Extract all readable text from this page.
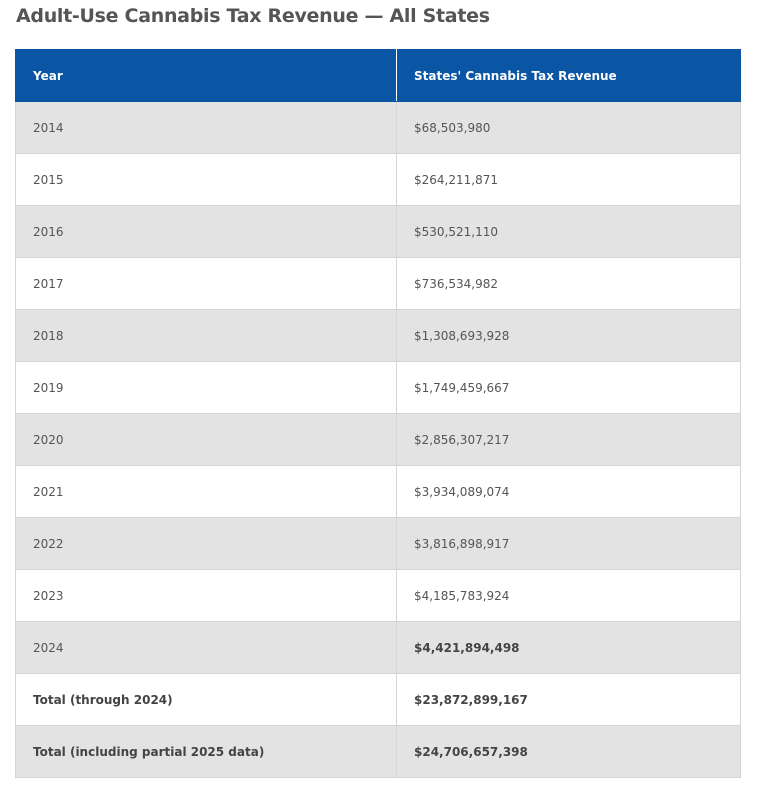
Adult-Use Cannabis Tax Revenue — All States
Year	States' Cannabis Tax Revenue
2014	$68,503,980
2015	$264,211,871
2016	$530,521,110
2017	$736,534,982
2018	$1,308,693,928
2019	$1,749,459,667
2020	$2,856,307,217
2021	$3,934,089,074
2022	$3,816,898,917
2023	$4,185,783,924
2024	$4,421,894,498
Total (through 2024)	$23,872,899,167
Total (including partial 2025 data)	$24,706,657,398
